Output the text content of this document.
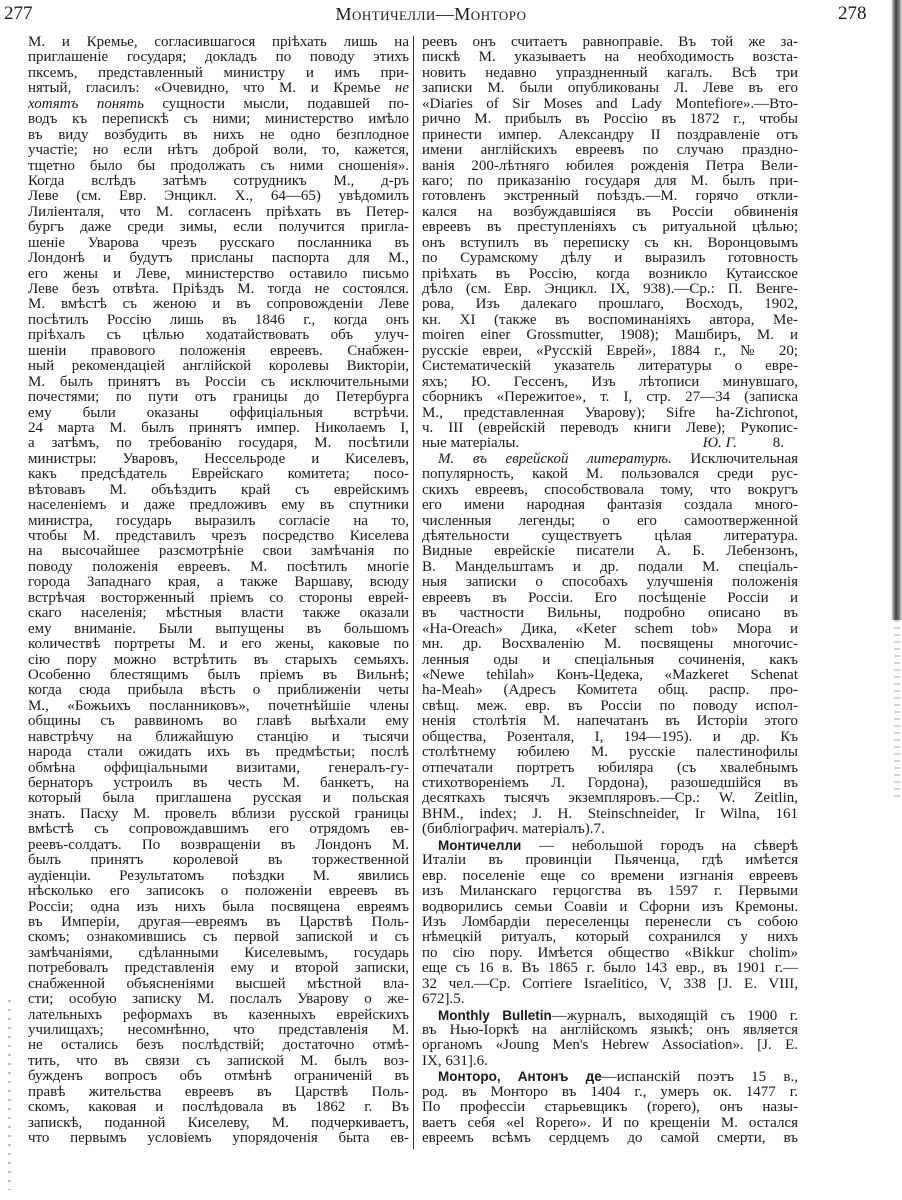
277	Монтичелли—Монторо	278
М. и Кремье, согласившагося пріѣхать лишь на
приглашеніе государя; докладъ по поводу этихъ
пксемъ, представленный министру и имъ при-
нятый, гласилъ: «Очевидно, что М. и Кремье не
хотятъ понять сущности мысли, подавшей по-
водъ къ перепискѣ съ ними; министерство имѣло
въ виду возбудить въ нихъ не одно безплодное
участіе; но если нѣтъ доброй воли, то, кажется,
тщетно было бы продолжать съ ними сношенія».
Когда вслѣдъ затѣмъ сотрудникъ М., д-ръ
Леве (см. Евр. Энцикл. X., 64—65) увѣдомилъ
Лиліенталя, что М. согласенъ пріѣхать въ Петер-
бургъ даже среди зимы, если получится пригла-
шеніе Уварова чрезъ русскаго посланника въ
Лондонѣ и будутъ присланы паспорта для М.,
его жены и Леве, министерство оставило письмо
Леве безъ отвѣта. Пріѣздъ М. тогда не состоялся.
М. вмѣстѣ съ женою и въ сопровожденіи Леве
посѣтилъ Россію лишь въ 1846 г., когда онъ
пріѣхалъ съ цѣлью ходатайствовать объ улуч-
шеніи правового положенія евреевъ. Снабжен-
ный рекомендаціей англійской королевы Викторіи,
М. былъ принятъ въ Россіи съ исключительными
почестями; по пути отъ границы до Петербурга
ему были оказаны оффиціальныя встрѣчи.
24 марта М. былъ принятъ импер. Николаемъ I,
а затѣмъ, по требованію государя, М. посѣтили
министры: Уваровъ, Нессельроде и Киселевъ,
какъ предсѣдатель Еврейскаго комитета; посо-
вѣтовавъ М. объѣздить край съ еврейскимъ
населеніемъ и даже предложивъ ему въ спутники
министра, государь выразилъ согласіе на то,
чтобы М. представилъ чрезъ посредство Киселева
на высочайшее разсмотрѣніе свои замѣчанія по
поводу положенія евреевъ. М. посѣтилъ многіе
города Западнаго края, а также Варшаву, всюду
встрѣчая восторженный пріемъ со стороны еврей-
скаго населенія; мѣстныя власти также оказали
ему вниманіе. Были выпущены въ большомъ
количествѣ портреты М. и его жены, каковые по
сію пору можно встрѣтить въ старыхъ семьяхъ.
Особенно блестящимъ былъ пріемъ въ Вильнѣ;
когда сюда прибыла вѣсть о приближеніи четы
М., «Божьихъ посланниковъ», почетнѣйшіе члены
общины съ раввиномъ во главѣ выѣхали ему
навстрѣчу на ближайшую станцію и тысячи
народа стали ожидать ихъ въ предмѣстьи; послѣ
обмѣна оффиціальными визитами, генералъ-гу-
бернаторъ устроилъ въ честь М. банкетъ, на
который была приглашена русская и польская
знать. Пасху М. провелъ вблизи русской границы
вмѣстѣ съ сопровождавшимъ его отрядомъ ев-
реевъ-солдатъ. По возвращеніи въ Лондонъ М.
былъ принятъ королевой въ торжественной
аудіенціи. Результатомъ поѣздки М. явились
нѣсколько его записокъ о положеніи евреевъ въ
Россіи; одна изъ нихъ была посвящена евреямъ
въ Имперіи, другая—евреямъ въ Царствѣ Поль-
скомъ; ознакомившись съ первой запиской и съ
замѣчаніями, сдѣланными Киселевымъ, государь
потребовалъ представленія ему и второй записки,
снабженной объясненіями высшей мѣстной вла-
сти; особую записку М. послалъ Уварову о же-
лательныхъ реформахъ въ казенныхъ еврейскихъ
училищахъ; несомнѣнно, что представленія М.
не остались безъ послѣдствій; достаточно отмѣ-
тить, что въ связи съ запиской М. былъ воз-
бужденъ вопросъ объ отмѣнѣ ограниченій въ
правѣ жительства евреевъ въ Царствѣ Поль-
скомъ, каковая и послѣдовала въ 1862 г. Въ
запискѣ, поданной Киселеву, М. подчеркиваетъ,
что первымъ условіемъ упорядоченія быта ев-
реевъ онъ считаетъ равноправіе. Въ той же за-
пискѣ М. указываетъ на необходимость возста-
новить недавно упраздненный кагалъ. Всѣ три
записки М. были опубликованы Л. Леве въ его
«Diaries of Sir Moses and Lady Montefiore».—Вто-
рично М. прибылъ въ Россію въ 1872 г., чтобы
принести импер. Александру II поздравленіе отъ
имени англійскихъ евреевъ по случаю праздно-
ванія 200-лѣтняго юбилея рожденія Петра Вели-
каго; по приказанію государя для М. былъ при-
готовленъ экстренный поѣздъ.—М. горячо откли-
кался на возбуждавшіяся въ Россіи обвиненія
евреевъ въ преступленіяхъ съ ритуальной цѣлью;
онъ вступилъ въ переписку съ кн. Воронцовымъ
по Сурамскому дѣлу и выразилъ готовность
пріѣхать въ Россію, когда возникло Кутаисское
дѣло (см. Евр. Энцикл. IX, 938).—Ср.: П. Венге-
рова, Изъ далекаго прошлаго, Восходъ, 1902,
кн. XI (также въ воспоминаніяхъ автора, Me-
moiren einer Grossmutter, 1908); Машбиръ, М. и
русскіе евреи, «Русскій Еврей», 1884 г., № 20;
Систематическій указатель литературы о евре-
яхъ; Ю. Гессенъ, Изъ лѣтописи минувшаго,
сборникъ «Пережитое», т. I, стр. 27—34 (записка
М., представленная Уварову); Sifre ha-Zichronot,
ч. III (еврейскій переводъ книги Леве); Рукопис-
ные матеріалы.	Ю. Г. 8.
М. въ еврейской литературѣ. Исключительная
популярность, какой М. пользовался среди рус-
скихъ евреевъ, способствовала тому, что вокругъ
его имени народная фантазія создала много-
численныя легенды; о его самоотверженной
дѣятельности существуетъ цѣлая литература.
Видные еврейскіе писатели А. Б. Лебензонъ,
В. Мандельштамъ и др. подали М. спеціаль-
ныя записки о способахъ улучшенія положенія
евреевъ въ Россіи. Его посѣщеніе Россіи и
въ частности Вильны, подробно описано въ
«Ha-Oreach» Дика, «Keter schem tob» Мора и
мн. др. Восхваленію М. посвящены многочис-
ленныя оды и спеціальныя сочиненія, какъ
«Newe tehilah» Конъ-Цедека, «Mazkeret Schenat
ha-Meah» (Адресъ Комитета общ. распр. про-
свѣщ. меж. евр. въ Россіи по поводу испол-
ненія столѣтія М. напечатанъ въ Исторіи этого
общества, Розенталя, I, 194—195). и др. Къ
столѣтнему юбилею М. русскіе палестинофилы
отпечатали портретъ юбиляра (съ хвалебнымъ
стихотвореніемъ Л. Гордона), разошедшійся въ
десяткахъ тысячъ экземпляровъ.—Ср.: W. Zeitlin,
BHM., index; J. H. Steinschneider, Ir Wilna, 161
(библіографич. матеріалъ). 7.
Монтичелли — небольшой городъ на сѣверѣ
Италіи въ провинціи Пьяченца, гдѣ имѣется
евр. поселеніе еще со времени изгнанія евреевъ
изъ Миланскаго герцогства въ 1597 г. Первыми
водворились семьи Соавіи и Сфорни изъ Кремоны.
Изъ Ломбардіи переселенцы перенесли съ собою
нѣмецкій ритуалъ, который сохранился у нихъ
по сію пору. Имѣется общество «Bikkur cholim»
еще съ 16 в. Въ 1865 г. было 143 евр., въ 1901 г.—
32 чел.—Ср. Corriere Israelitico, V, 338 [J. E. VIII,
672]. 5.
Monthly Bulletin—журналъ, выходящій съ 1900 г.
въ Нью-Іоркѣ на англійскомъ языкѣ; онъ является
органомъ «Joung Men's Hebrew Association». [J. E.
IX, 631]. 6.
Монторо, Антонъ де—испанскій поэтъ 15 в.,
род. въ Монторо въ 1404 г., умеръ ок. 1477 г.
По профессіи старьевщикъ (ropero), онъ назы-
ваетъ себя «el Ropero». И по крещеніи М. остался
евреемъ всѣмъ сердцемъ до самой смерти, въ
